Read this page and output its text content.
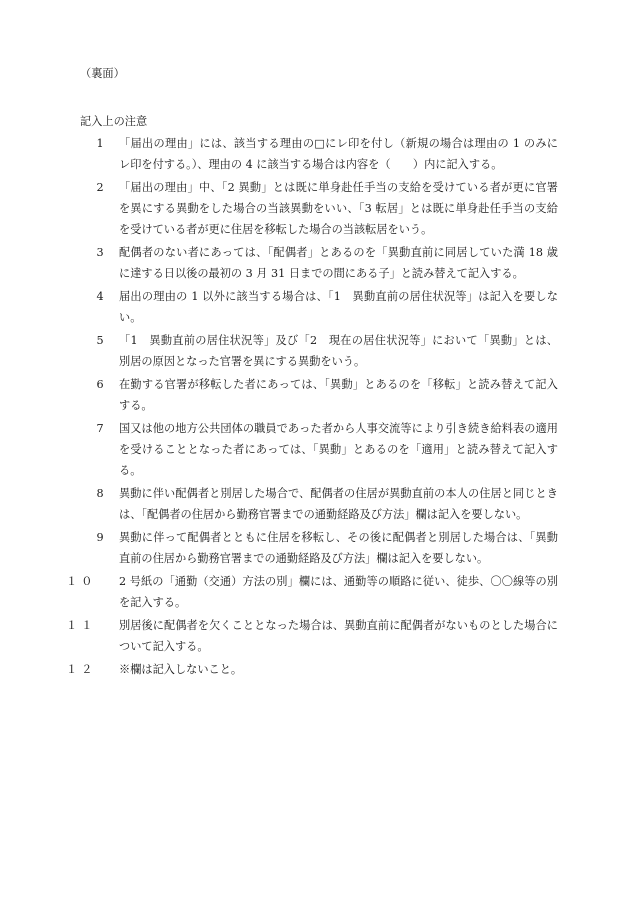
（裏面）
記入上の注意
1	「届出の理由」には、該当する理由の□にレ印を付し（新規の場合は理由の 1 のみに　　レ印を付する。）、理由の 4 に該当する場合は内容を（　　）内に記入する。
2	「届出の理由」中、「2 異動」とは既に単身赴任手当の支給を受けている者が更に官署を異にする異動をした場合の当該異動をいい、「3 転居」とは既に単身赴任手当の支給を受けている者が更に住居を移転した場合の当該転居をいう。
3	配偶者のない者にあっては、「配偶者」とあるのを「異動直前に同居していた満 18 歳に達する日以後の最初の 3 月 31 日までの間にある子」と読み替えて記入する。
4	届出の理由の 1 以外に該当する場合は、「1　異動直前の居住状況等」は記入を要しない。
5	「1　異動直前の居住状況等」及び「2　現在の居住状況等」において「異動」とは、別居の原因となった官署を異にする異動をいう。
6	在勤する官署が移転した者にあっては、「異動」とあるのを「移転」と読み替えて記入する。
7	国又は他の地方公共団体の職員であった者から人事交流等により引き続き給料表の適用を受けることとなった者にあっては、「異動」とあるのを「適用」と読み替えて記入する。
8	異動に伴い配偶者と別居した場合で、配偶者の住居が異動直前の本人の住居と同じときは、「配偶者の住居から勤務官署までの通勤経路及び方法」欄は記入を要しない。
9	異動に伴って配偶者とともに住居を移転し、その後に配偶者と別居した場合は、「異動直前の住居から勤務官署までの通勤経路及び方法」欄は記入を要しない。
１０	2 号紙の「通勤（交通）方法の別」欄には、通勤等の順路に従い、徒歩、〇〇線等の別を記入する。
１１	別居後に配偶者を欠くこととなった場合は、異動直前に配偶者がないものとした場合について記入する。
１２	※欄は記入しないこと。
